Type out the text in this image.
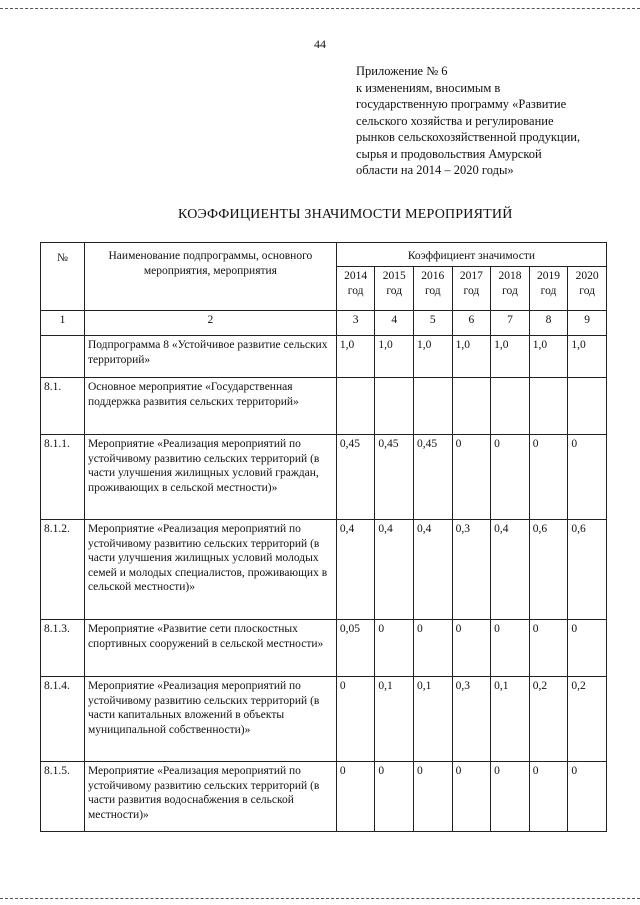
44
Приложение № 6
к изменениям, вносимым в
государственную программу «Развитие
сельского хозяйства и регулирование
рынков сельскохозяйственной продукции,
сырья и продовольствия Амурской
области на 2014 – 2020 годы»
КОЭФФИЦИЕНТЫ ЗНАЧИМОСТИ МЕРОПРИЯТИЙ
№	Наименование подпрограммы, основного мероприятия, мероприятия	Коэффициент значимости						
		2014 год	2015 год	2016 год	2017 год	2018 год	2019 год	2020 год
1	2	3	4	5	6	7	8	9
	Подпрограмма 8 «Устойчивое развитие сельских территорий»	1,0	1,0	1,0	1,0	1,0	1,0	1,0
8.1.	Основное мероприятие «Государственная поддержка развития сельских территорий»							
8.1.1.	Мероприятие «Реализация мероприятий по устойчивому развитию сельских территорий (в части улучшения жилищных условий граждан, проживающих в сельской местности)»	0,45	0,45	0,45	0	0	0	0
8.1.2.	Мероприятие «Реализация мероприятий по устойчивому развитию сельских территорий (в части улучшения жилищных условий молодых семей и молодых специалистов, проживающих в сельской местности)»	0,4	0,4	0,4	0,3	0,4	0,6	0,6
8.1.3.	Мероприятие «Развитие сети плоскостных спортивных сооружений в сельской местности»	0,05	0	0	0	0	0	0
8.1.4.	Мероприятие «Реализация мероприятий по устойчивому развитию сельских территорий (в части капитальных вложений в объекты муниципальной собственности)»	0	0,1	0,1	0,3	0,1	0,2	0,2
8.1.5.	Мероприятие «Реализация мероприятий по устойчивому развитию сельских территорий (в части развития водоснабжения в сельской местности)»	0	0	0	0	0	0	0
